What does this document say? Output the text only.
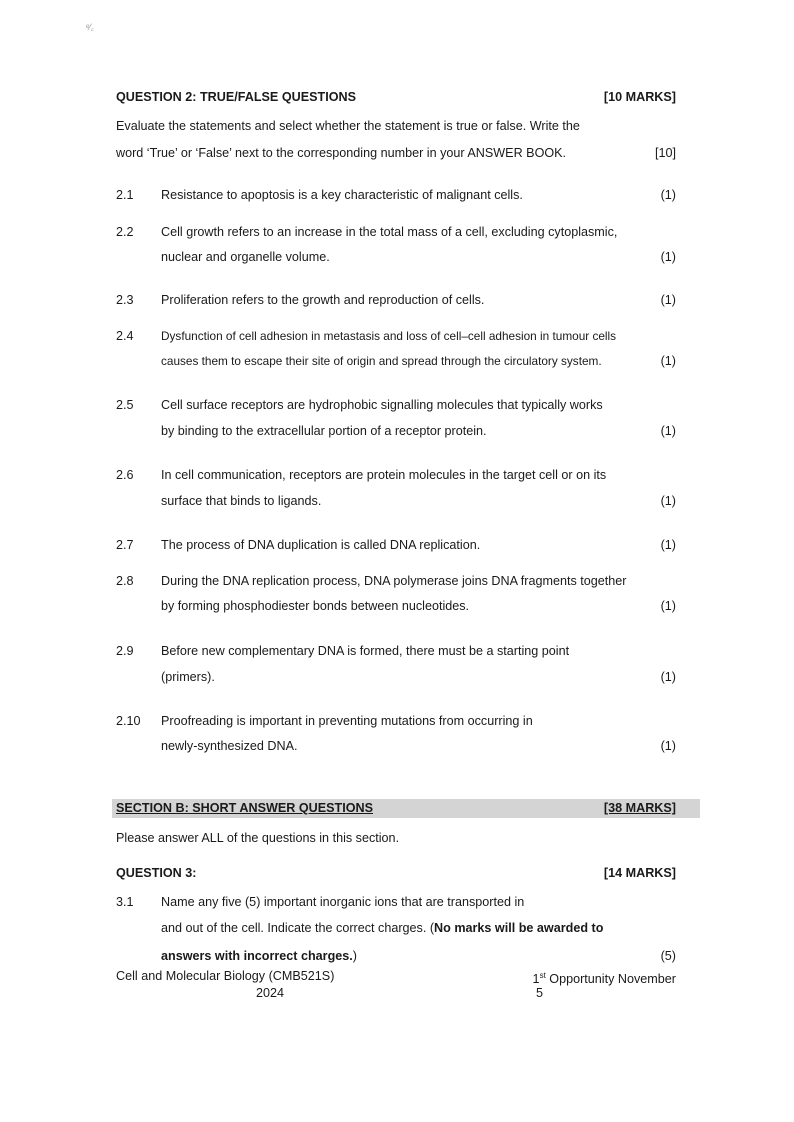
ᵉ⁄꜀
QUESTION 2: TRUE/FALSE QUESTIONS	[10 MARKS]
Evaluate the statements and select whether the statement is true or false. Write the
word ‘True’ or ‘False’ next to the corresponding number in your ANSWER BOOK.	[10]
2.1 Resistance to apoptosis is a key characteristic of malignant cells.	(1)
2.2 Cell growth refers to an increase in the total mass of a cell, excluding cytoplasmic,
nuclear and organelle volume.	(1)
2.3 Proliferation refers to the growth and reproduction of cells.	(1)
2.4 Dysfunction of cell adhesion in metastasis and loss of cell–cell adhesion in tumour cells
causes them to escape their site of origin and spread through the circulatory system.	(1)
2.5 Cell surface receptors are hydrophobic signalling molecules that typically works
by binding to the extracellular portion of a receptor protein.	(1)
2.6 In cell communication, receptors are protein molecules in the target cell or on its
surface that binds to ligands.	(1)
2.7 The process of DNA duplication is called DNA replication.	(1)
2.8 During the DNA replication process, DNA polymerase joins DNA fragments together
by forming phosphodiester bonds between nucleotides.	(1)
2.9 Before new complementary DNA is formed, there must be a starting point
(primers).	(1)
2.10 Proofreading is important in preventing mutations from occurring in
newly-synthesized DNA.	(1)
SECTION B: SHORT ANSWER QUESTIONS	[38 MARKS]
Please answer ALL of the questions in this section.
QUESTION 3:	[14 MARKS]
3.1 Name any five (5) important inorganic ions that are transported in
and out of the cell. Indicate the correct charges. (No marks will be awarded to
answers with incorrect charges.)	(5)
Cell and Molecular Biology (CMB521S)
2024
1st Opportunity November
5
